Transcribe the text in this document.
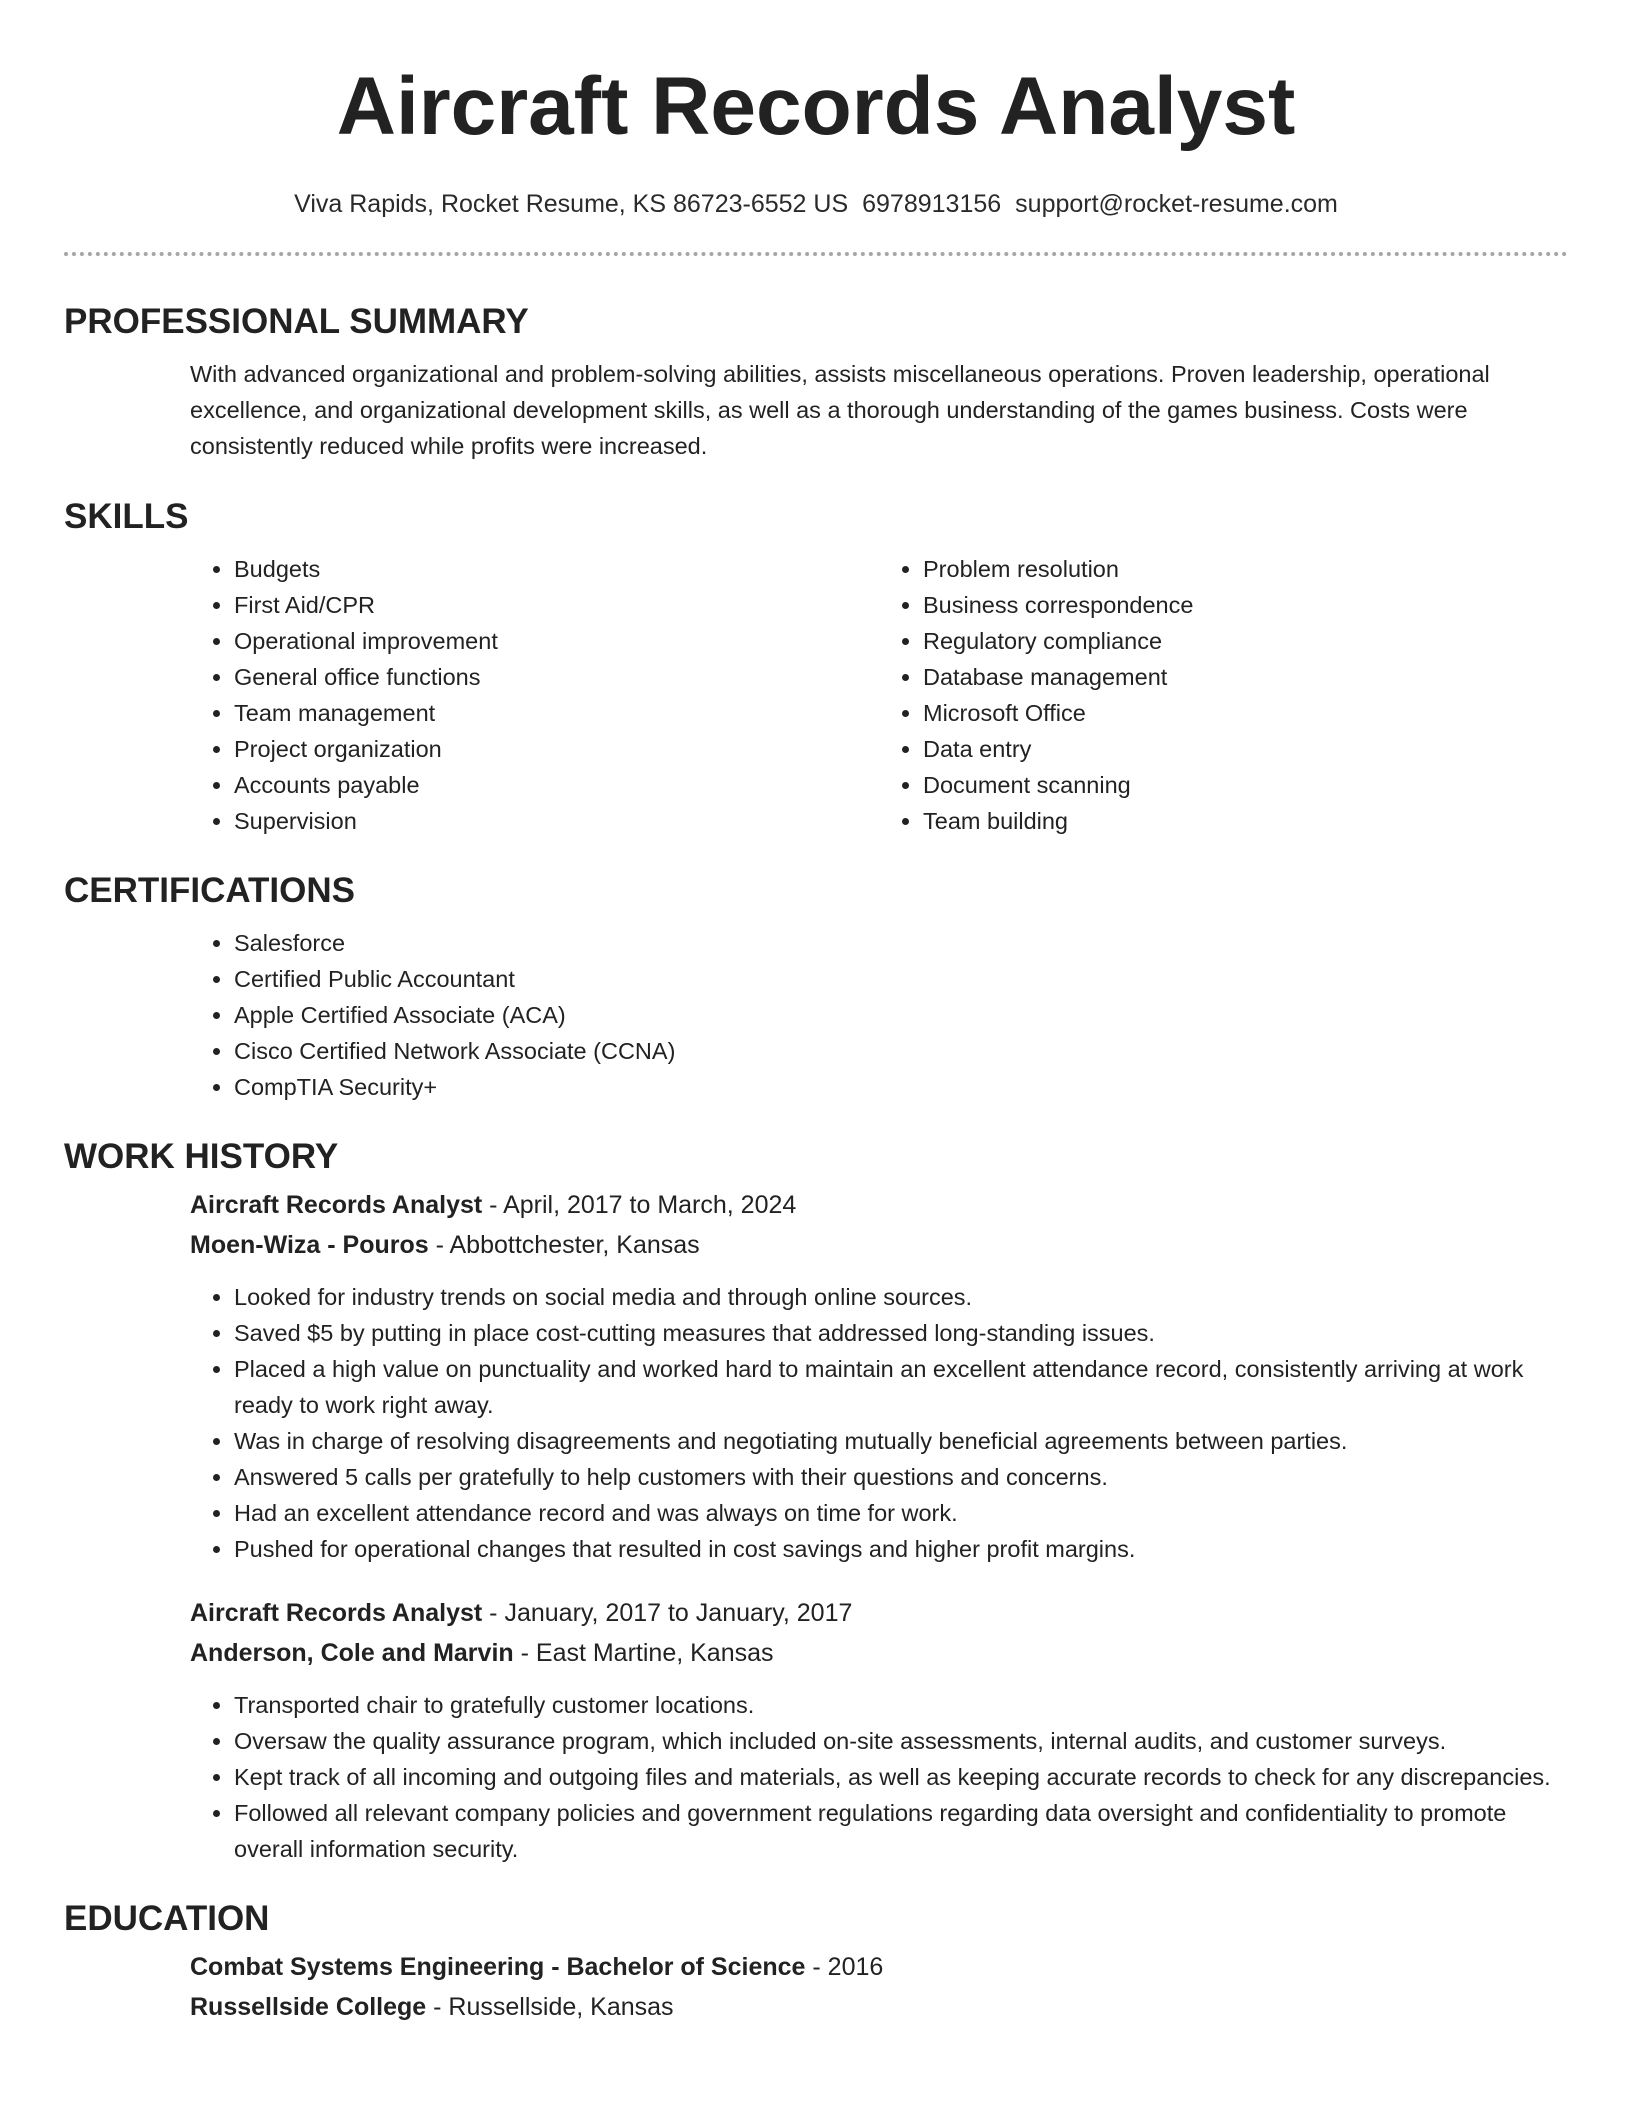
Aircraft Records Analyst
Viva Rapids, Rocket Resume, KS 86723-6552 US 6978913156 support@rocket-resume.com
PROFESSIONAL SUMMARY
With advanced organizational and problem-solving abilities, assists miscellaneous operations. Proven leadership, operational excellence, and organizational development skills, as well as a thorough understanding of the games business. Costs were consistently reduced while profits were increased.
SKILLS
• Budgets
• First Aid/CPR
• Operational improvement
• General office functions
• Team management
• Project organization
• Accounts payable
• Supervision
• Problem resolution
• Business correspondence
• Regulatory compliance
• Database management
• Microsoft Office
• Data entry
• Document scanning
• Team building
CERTIFICATIONS
• Salesforce
• Certified Public Accountant
• Apple Certified Associate (ACA)
• Cisco Certified Network Associate (CCNA)
• CompTIA Security+
WORK HISTORY
Aircraft Records Analyst - April, 2017 to March, 2024
Moen-Wiza - Pouros - Abbottchester, Kansas
• Looked for industry trends on social media and through online sources.
• Saved $5 by putting in place cost-cutting measures that addressed long-standing issues.
• Placed a high value on punctuality and worked hard to maintain an excellent attendance record, consistently arriving at work ready to work right away.
• Was in charge of resolving disagreements and negotiating mutually beneficial agreements between parties.
• Answered 5 calls per gratefully to help customers with their questions and concerns.
• Had an excellent attendance record and was always on time for work.
• Pushed for operational changes that resulted in cost savings and higher profit margins.
Aircraft Records Analyst - January, 2017 to January, 2017
Anderson, Cole and Marvin - East Martine, Kansas
• Transported chair to gratefully customer locations.
• Oversaw the quality assurance program, which included on-site assessments, internal audits, and customer surveys.
• Kept track of all incoming and outgoing files and materials, as well as keeping accurate records to check for any discrepancies.
• Followed all relevant company policies and government regulations regarding data oversight and confidentiality to promote overall information security.
EDUCATION
Combat Systems Engineering - Bachelor of Science - 2016
Russellside College - Russellside, Kansas
